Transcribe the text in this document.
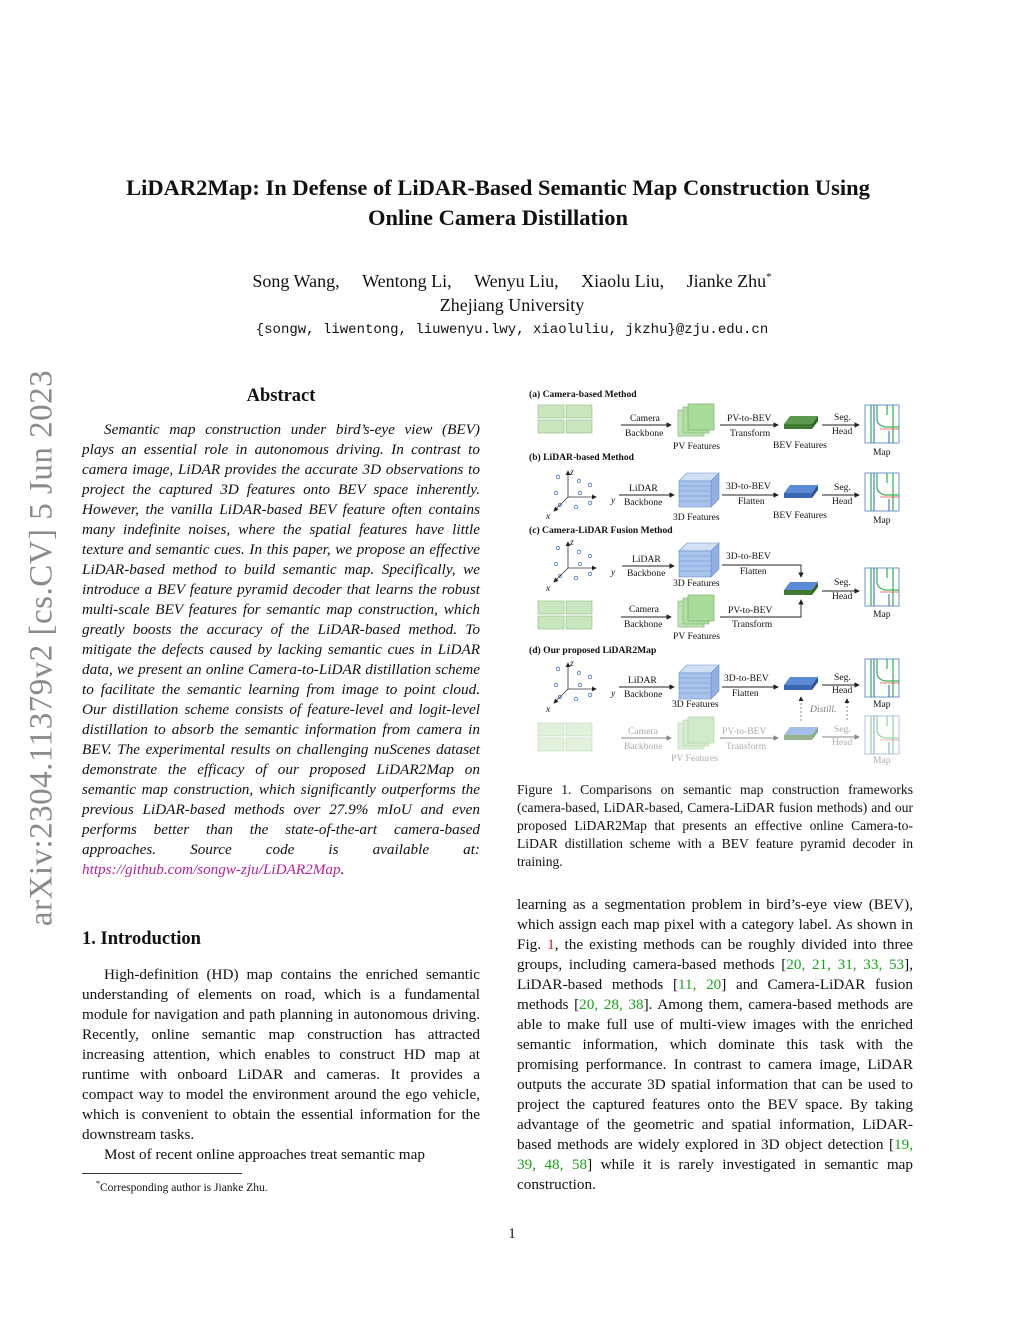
arXiv:2304.11379v2 [cs.CV] 5 Jun 2023
LiDAR2Map: In Defense of LiDAR-Based Semantic Map Construction Using
Online Camera Distillation
Song Wang, Wentong Li, Wenyu Liu, Xiaolu Liu, Jianke Zhu*
Zhejiang University
{songw, liwentong, liuwenyu.lwy, xiaoluliu, jkzhu}@zju.edu.cn
Abstract

Semantic map construction under bird’s-eye view (BEV) plays an essential role in autonomous driving. In contrast to camera image, LiDAR provides the accurate 3D observations to project the captured 3D features onto BEV space inherently. However, the vanilla LiDAR-based BEV feature often contains many indefinite noises, where the spatial features have little texture and semantic cues. In this paper, we propose an effective LiDAR-based method to build semantic map. Specifically, we introduce a BEV feature pyramid decoder that learns the robust multi-scale BEV features for semantic map construction, which greatly boosts the accuracy of the LiDAR-based method. To mitigate the defects caused by lacking semantic cues in LiDAR data, we present an online Camera-to-LiDAR distillation scheme to facilitate the semantic learning from image to point cloud. Our distillation scheme consists of feature-level and logit-level distillation to absorb the semantic information from camera in BEV. The experimental results on challenging nuScenes dataset demonstrate the efficacy of our proposed LiDAR2Map on semantic map construction, which significantly outperforms the previous LiDAR-based methods over 27.9% mIoU and even performs better than the state-of-the-art camera-based approaches. Source code is available at: https://github.com/songw-zju/LiDAR2Map.

1. Introduction

High-definition (HD) map contains the enriched semantic understanding of elements on road, which is a fundamental module for navigation and path planning in autonomous driving. Recently, online semantic map construction has attracted increasing attention, which enables to construct HD map at runtime with onboard LiDAR and cameras. It provides a compact way to model the environment around the ego vehicle, which is convenient to obtain the essential information for the downstream tasks.

Most of recent online approaches treat semantic map

*Corresponding author is Jianke Zhu.
(a) Camera-based Method
Camera
Backbone
PV Features
PV-to-BEV
Transform
BEV Features
Seg.
Head
Map
(b) LiDAR-based Method
z
y
x
LiDAR
Backbone
3D Features
3D-to-BEV
Flatten
BEV Features
Seg.
Head
Map
(c) Camera-LiDAR Fusion Method
z
y
x
LiDAR
Backbone
3D Features
3D-to-BEV
Flatten
Camera
Backbone
PV Features
PV-to-BEV
Transform
Seg.
Head
Map
(d) Our proposed LiDAR2Map
z
y
x
LiDAR
Backbone
3D Features
3D-to-BEV
Flatten
Seg.
Head
Map
Distill.
Camera
Backbone
PV Features
PV-to-BEV
Transform
Seg.
Head
Map

Figure 1. Comparisons on semantic map construction frameworks (camera-based, LiDAR-based, Camera-LiDAR fusion methods) and our proposed LiDAR2Map that presents an effective online Camera-to-LiDAR distillation scheme with a BEV feature pyramid decoder in training.

learning as a segmentation problem in bird’s-eye view (BEV), which assign each map pixel with a category label. As shown in Fig. 1, the existing methods can be roughly divided into three groups, including camera-based methods [20, 21, 31, 33, 53], LiDAR-based methods [11, 20] and Camera-LiDAR fusion methods [20, 28, 38]. Among them, camera-based methods are able to make full use of multi-view images with the enriched semantic information, which dominate this task with the promising performance. In contrast to camera image, LiDAR outputs the accurate 3D spatial information that can be used to project the captured features onto the BEV space. By taking advantage of the geometric and spatial information, LiDAR-based methods are widely explored in 3D object detection [19, 39, 48, 58] while it is rarely investigated in semantic map construction.

1
